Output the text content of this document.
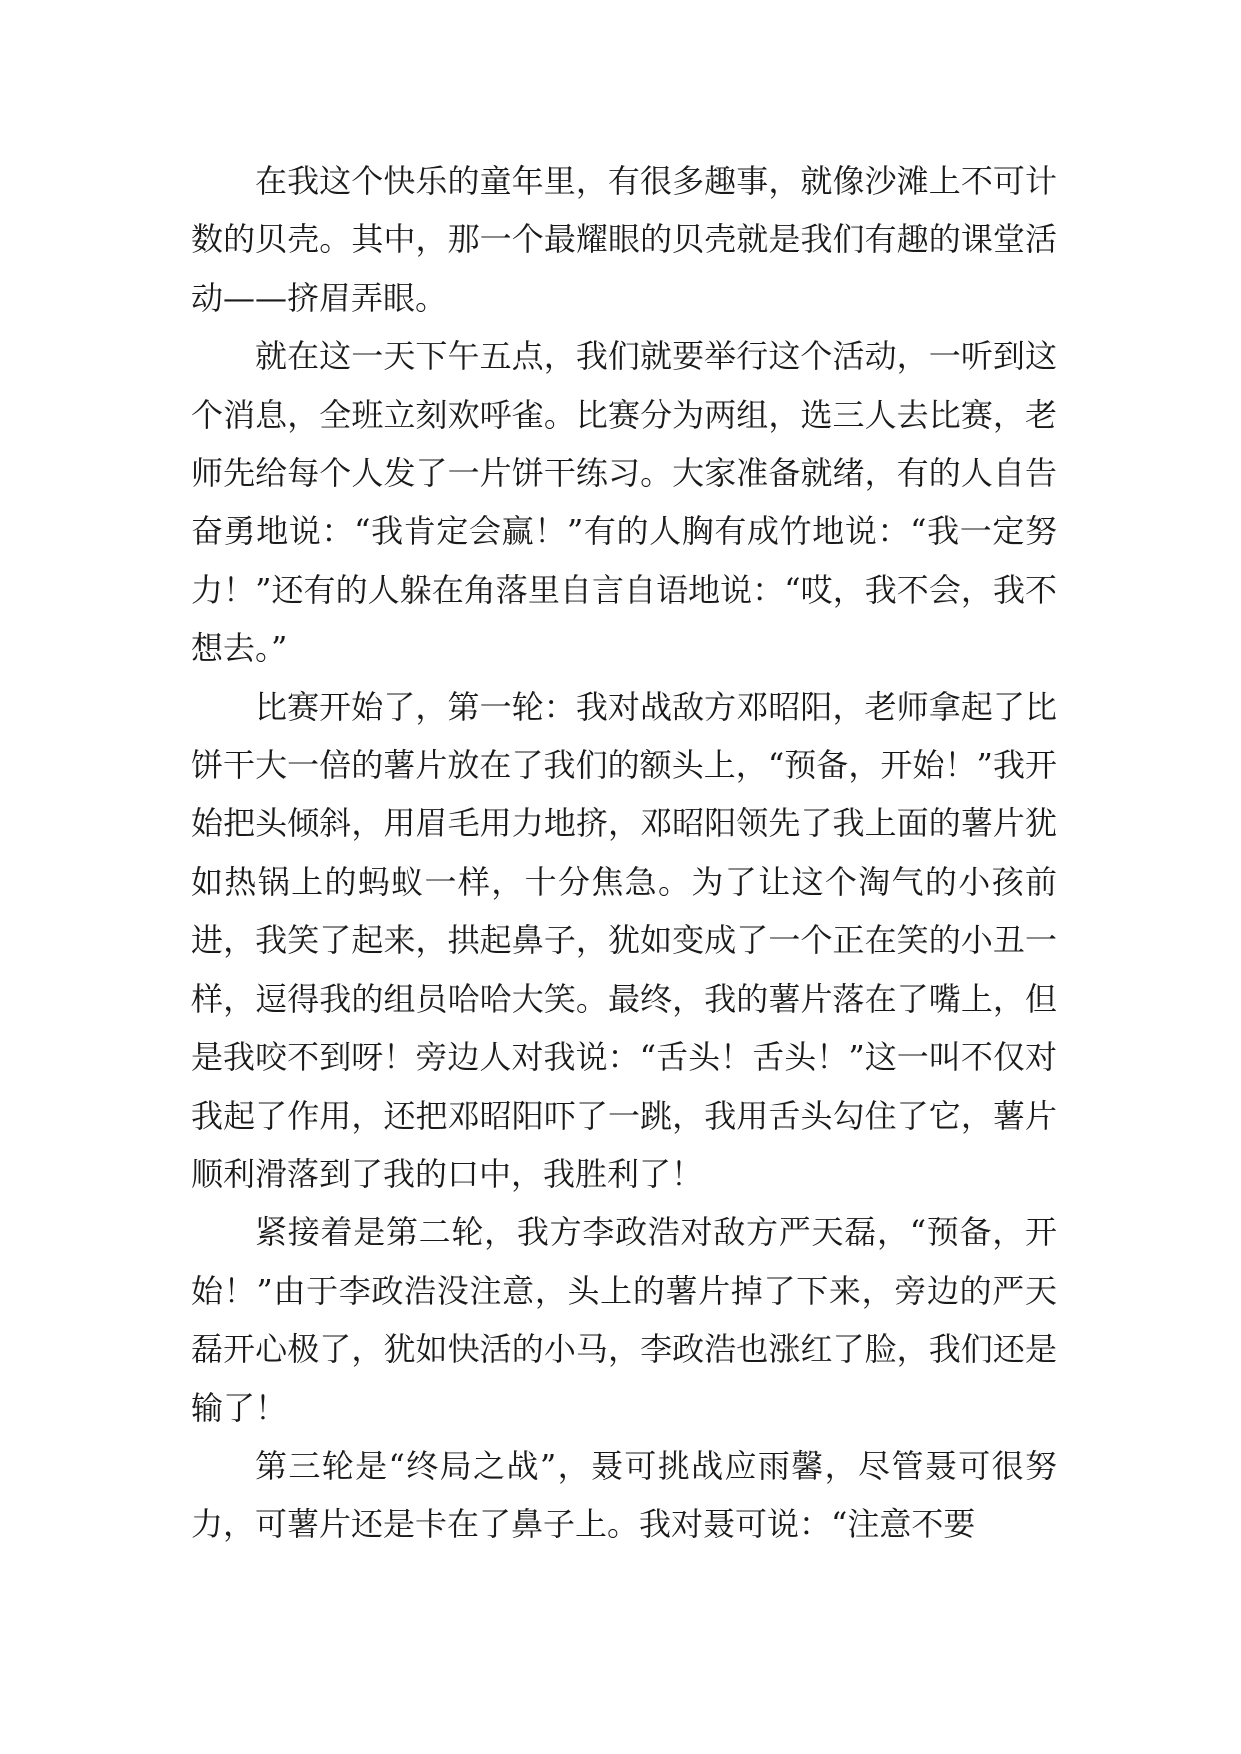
在我这个快乐的童年里，有很多趣事，就像沙滩上不可计数的贝壳。其中，那一个最耀眼的贝壳就是我们有趣的课堂活动——挤眉弄眼。

就在这一天下午五点，我们就要举行这个活动，一听到这个消息，全班立刻欢呼雀。比赛分为两组，选三人去比赛，老师先给每个人发了一片饼干练习。大家准备就绪，有的人自告奋勇地说：“我肯定会赢！”有的人胸有成竹地说：“我一定努力！”还有的人躲在角落里自言自语地说：“哎，我不会，我不想去。”

比赛开始了，第一轮：我对战敌方邓昭阳，老师拿起了比饼干大一倍的薯片放在了我们的额头上，“预备，开始！”我开始把头倾斜，用眉毛用力地挤，邓昭阳领先了我上面的薯片犹如热锅上的蚂蚁一样，十分焦急。为了让这个淘气的小孩前进，我笑了起来，拱起鼻子，犹如变成了一个正在笑的小丑一样，逗得我的组员哈哈大笑。最终，我的薯片落在了嘴上，但是我咬不到呀！旁边人对我说：“舌头！舌头！”这一叫不仅对我起了作用，还把邓昭阳吓了一跳，我用舌头勾住了它，薯片顺利滑落到了我的口中，我胜利了！

紧接着是第二轮，我方李政浩对敌方严天磊，“预备，开始！”由于李政浩没注意，头上的薯片掉了下来，旁边的严天磊开心极了，犹如快活的小马，李政浩也涨红了脸，我们还是输了！

第三轮是“终局之战”，聂可挑战应雨馨，尽管聂可很努力，可薯片还是卡在了鼻子上。我对聂可说：“注意不要
